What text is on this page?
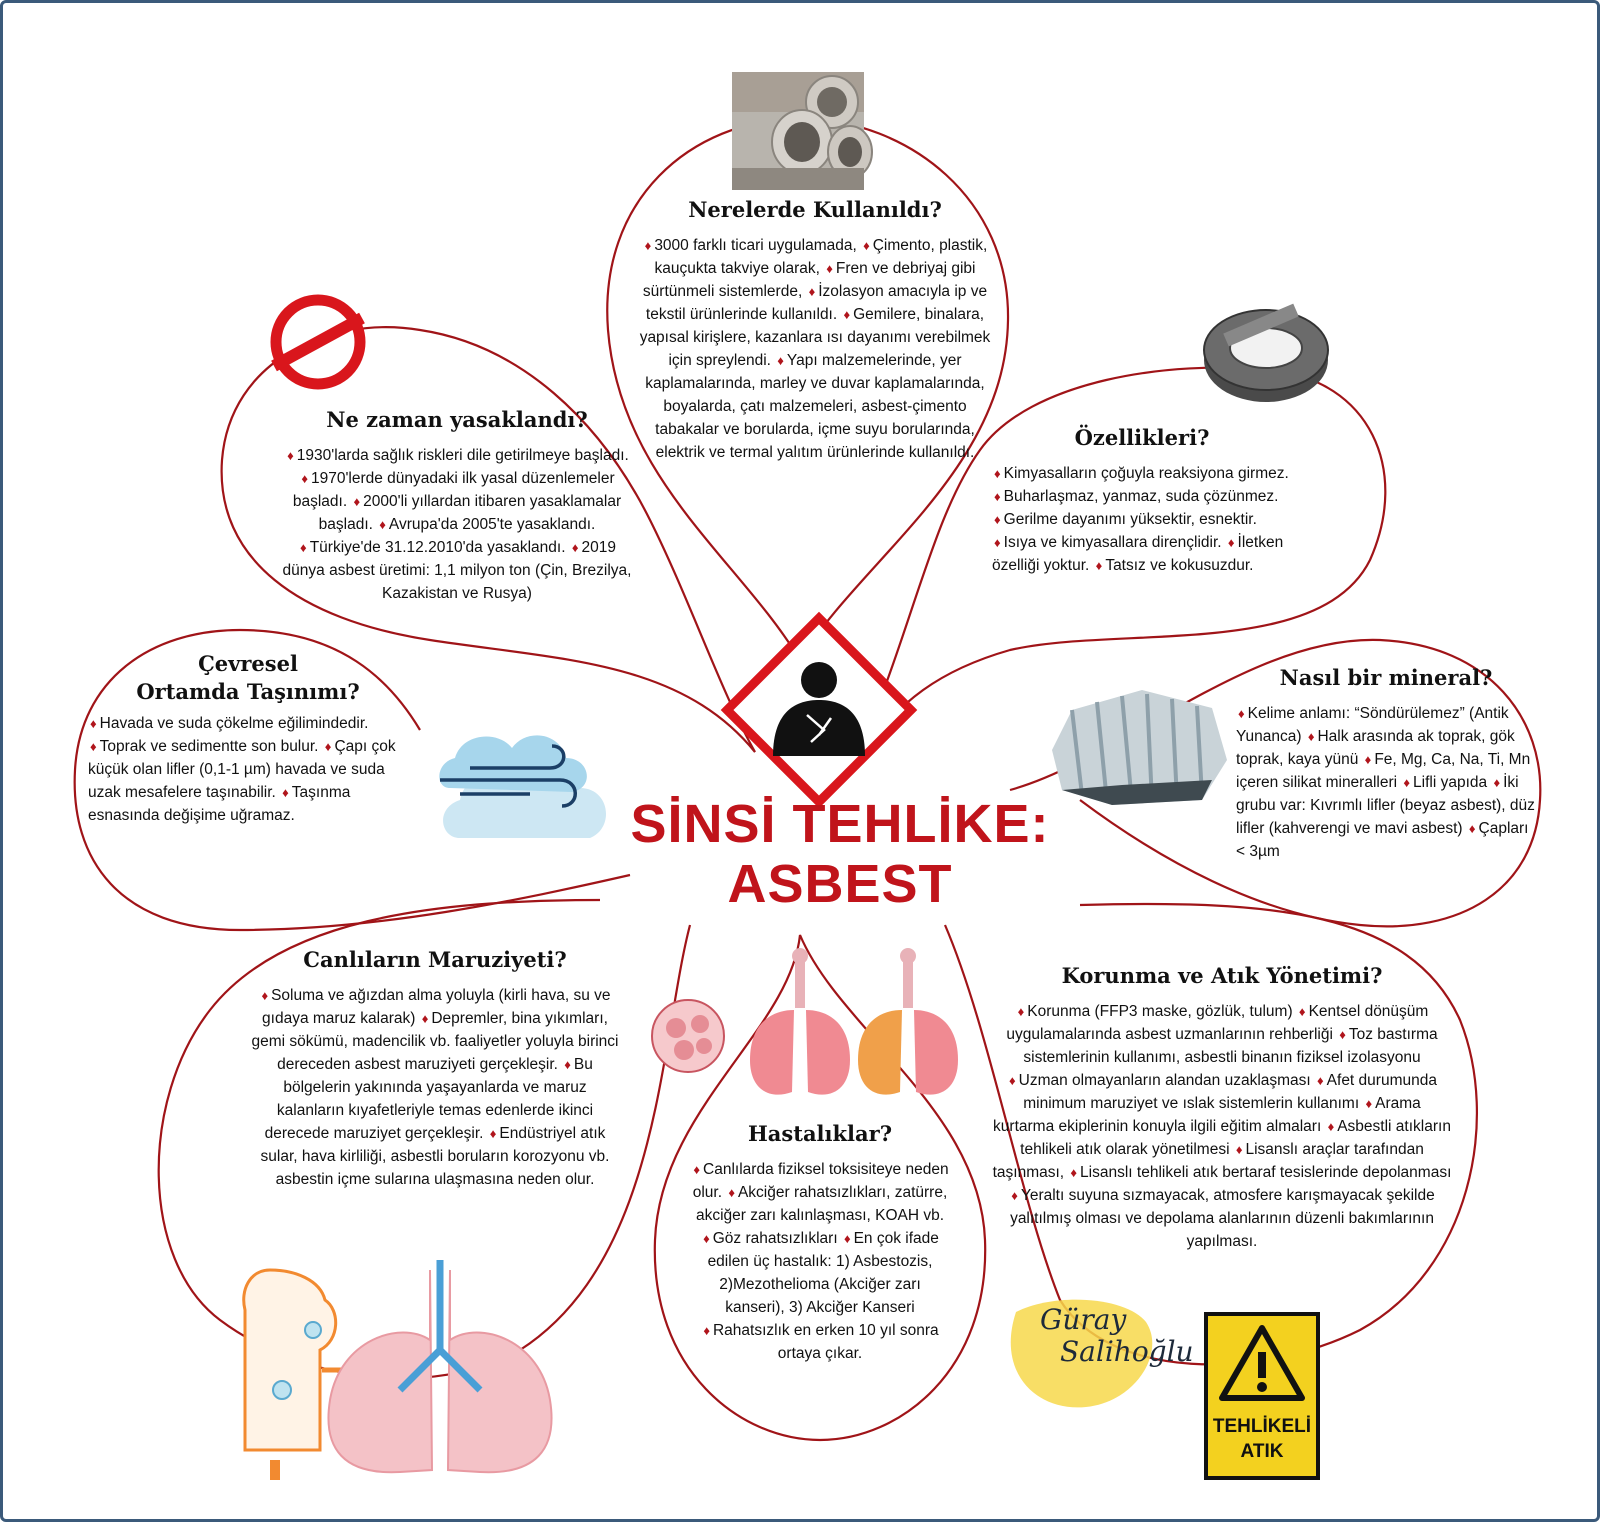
TEHLİKELİ
ATIK
Nerelerde Kullanıldı?

♦ 3000 farklı ticari uygulamada, ♦ Çimento, plastik, kauçukta takviye olarak, ♦ Fren ve debriyaj gibi sürtünmeli sistemlerde, ♦ İzolasyon amacıyla ip ve tekstil ürünlerinde kullanıldı. ♦ Gemilere, binalara, yapısal kirişlere, kazanlara ısı dayanımı verebilmek için spreylendi. ♦ Yapı malzemelerinde, yer kaplamalarında, marley ve duvar kaplamalarında, boyalarda, çatı malzemeleri, asbest-çimento tabakalar ve borularda, içme suyu borularında, elektrik ve termal yalıtım ürünlerinde kullanıldı.

Ne zaman yasaklandı?

♦ 1930'larda sağlık riskleri dile getirilmeye başladı. ♦ 1970'lerde dünyadaki ilk yasal düzenlemeler başladı. ♦ 2000'li yıllardan itibaren yasaklamalar başladı. ♦ Avrupa'da 2005'te yasaklandı. ♦ Türkiye'de 31.12.2010'da yasaklandı. ♦ 2019 dünya asbest üretimi: 1,1 milyon ton (Çin, Brezilya, Kazakistan ve Rusya)

Özellikleri?

♦ Kimyasalların çoğuyla reaksiyona girmez. ♦ Buharlaşmaz, yanmaz, suda çözünmez. ♦ Gerilme dayanımı yüksektir, esnektir. ♦ Isıya ve kimyasallara dirençlidir. ♦ İletken özelliği yoktur. ♦ Tatsız ve kokusuzdur.

Çevresel
Ortamda Taşınımı?

♦ Havada ve suda çökelme eğilimindedir. ♦ Toprak ve sedimentte son bulur. ♦ Çapı çok küçük olan lifler (0,1-1 µm) havada ve suda uzak mesafelere taşınabilir. ♦ Taşınma esnasında değişime uğramaz.

Nasıl bir mineral?

♦ Kelime anlamı: “Söndürülemez” (Antik Yunanca) ♦ Halk arasında ak toprak, gök toprak, kaya yünü ♦ Fe, Mg, Ca, Na, Ti, Mn içeren silikat mineralleri ♦ Lifli yapıda ♦ İki grubu var: Kıvrımlı lifler (beyaz asbest), düz lifler (kahverengi ve mavi asbest) ♦ Çapları < 3µm

Canlıların Maruziyeti?

♦ Soluma ve ağızdan alma yoluyla (kirli hava, su ve gıdaya maruz kalarak) ♦ Depremler, bina yıkımları, gemi sökümü, madencilik vb. faaliyetler yoluyla birinci dereceden asbest maruziyeti gerçekleşir. ♦ Bu bölgelerin yakınında yaşayanlarda ve maruz kalanların kıyafetleriyle temas edenlerde ikinci derecede maruziyet gerçekleşir. ♦ Endüstriyel atık sular, hava kirliliği, asbestli boruların korozyonu vb. asbestin içme sularına ulaşmasına neden olur.

Hastalıklar?

♦ Canlılarda fiziksel toksisiteye neden olur. ♦ Akciğer rahatsızlıkları, zatürre, akciğer zarı kalınlaşması, KOAH vb. ♦ Göz rahatsızlıkları ♦ En çok ifade edilen üç hastalık: 1) Asbestozis, 2)Mezothelioma (Akciğer zarı kanseri), 3) Akciğer Kanseri ♦ Rahatsızlık en erken 10 yıl sonra ortaya çıkar.

Korunma ve Atık Yönetimi?

♦ Korunma (FFP3 maske, gözlük, tulum) ♦ Kentsel dönüşüm uygulamalarında asbest uzmanlarının rehberliği ♦ Toz bastırma sistemlerinin kullanımı, asbestli binanın fiziksel izolasyonu ♦ Uzman olmayanların alandan uzaklaşması ♦ Afet durumunda minimum maruziyet ve ıslak sistemlerin kullanımı ♦ Arama kurtarma ekiplerinin konuyla ilgili eğitim almaları ♦ Asbestli atıkların tehlikeli atık olarak yönetilmesi ♦ Lisanslı araçlar tarafından taşınması, ♦ Lisanslı tehlikeli atık bertaraf tesislerinde depolanması ♦ Yeraltı suyuna sızmayacak, atmosfere karışmayacak şekilde yalıtılmış olması ve depolama alanlarının düzenli bakımlarının yapılması.

SİNSİ TEHLİKE:
ASBEST
Güray
Salihoğlu
